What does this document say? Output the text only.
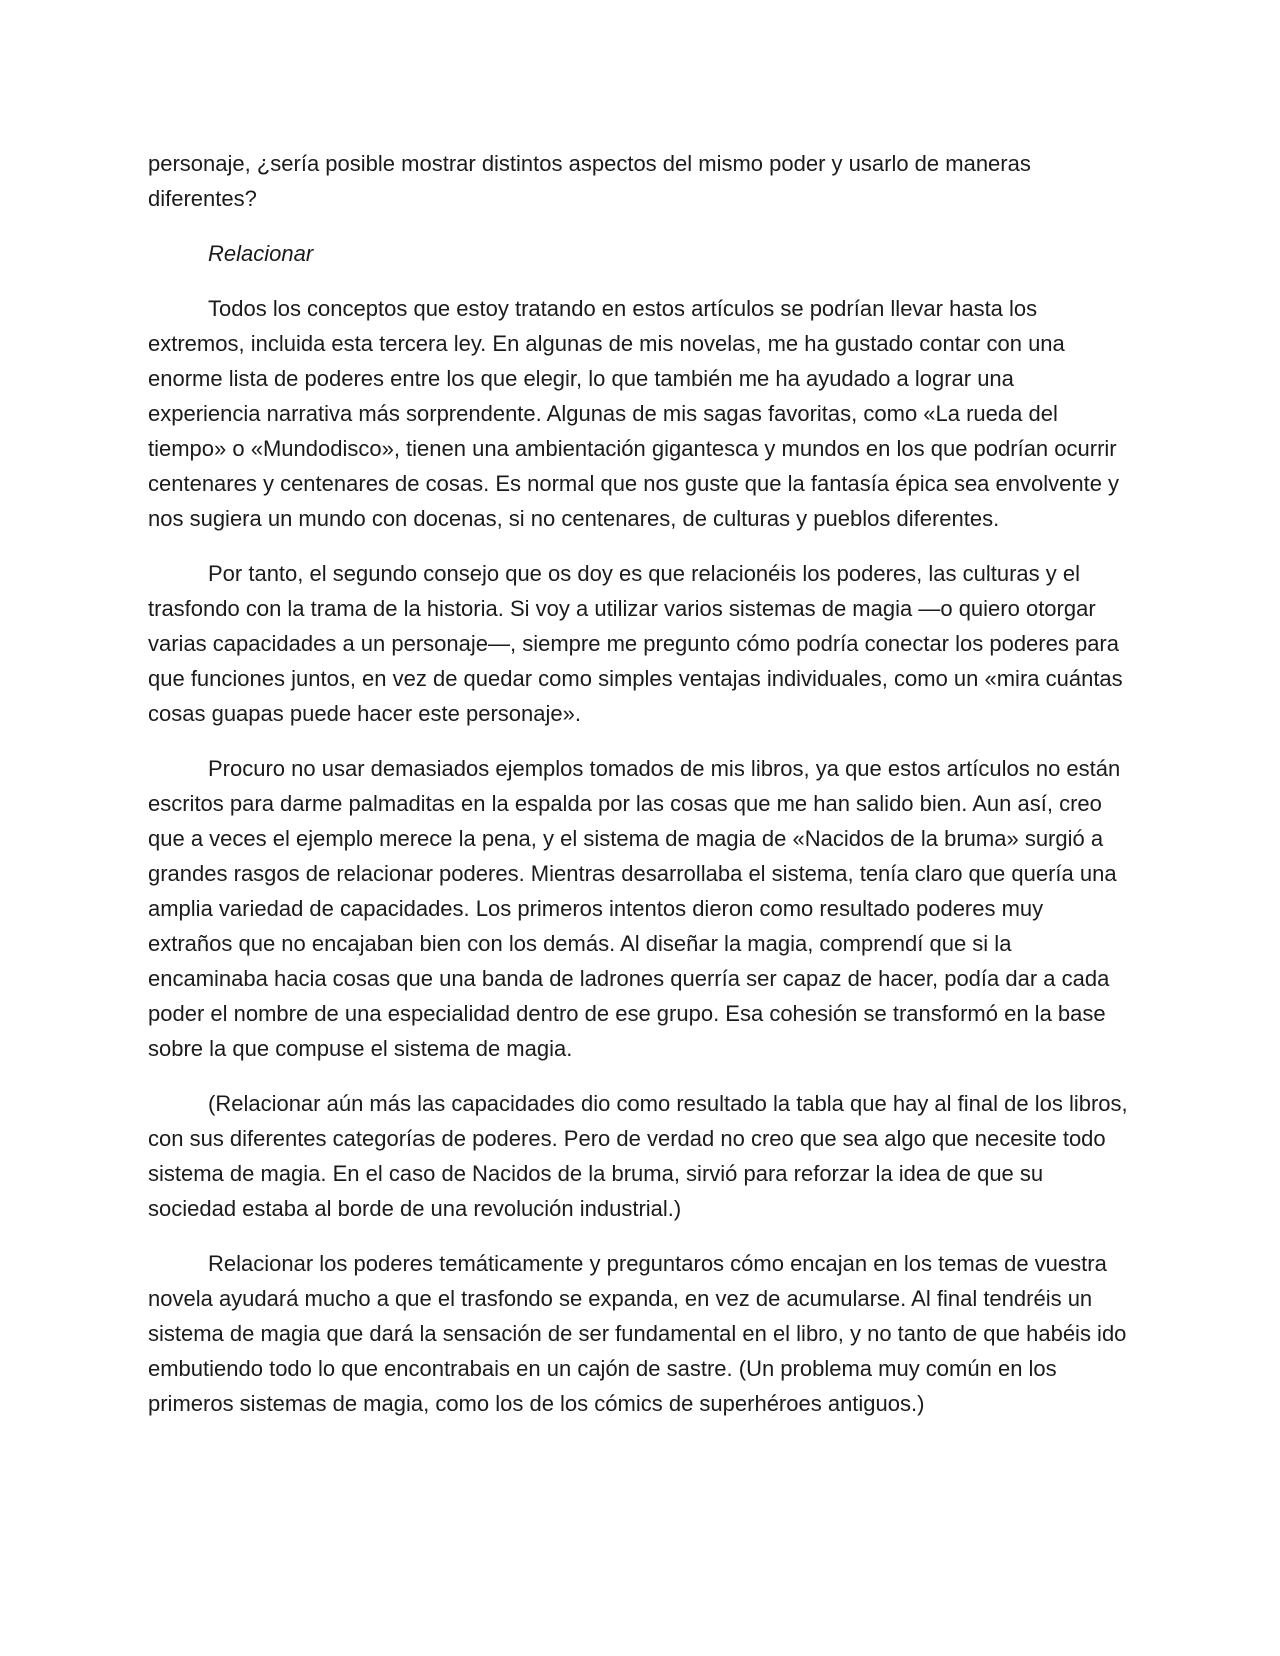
personaje, ¿sería posible mostrar distintos aspectos del mismo poder y usarlo de maneras diferentes?

Relacionar

Todos los conceptos que estoy tratando en estos artículos se podrían llevar hasta los extremos, incluida esta tercera ley. En algunas de mis novelas, me ha gustado contar con una enorme lista de poderes entre los que elegir, lo que también me ha ayudado a lograr una experiencia narrativa más sorprendente. Algunas de mis sagas favoritas, como «La rueda del tiempo» o «Mundodisco», tienen una ambientación gigantesca y mundos en los que podrían ocurrir centenares y centenares de cosas. Es normal que nos guste que la fantasía épica sea envolvente y nos sugiera un mundo con docenas, si no centenares, de culturas y pueblos diferentes.

Por tanto, el segundo consejo que os doy es que relacionéis los poderes, las culturas y el trasfondo con la trama de la historia. Si voy a utilizar varios sistemas de magia —o quiero otorgar varias capacidades a un personaje—, siempre me pregunto cómo podría conectar los poderes para que funciones juntos, en vez de quedar como simples ventajas individuales, como un «mira cuántas cosas guapas puede hacer este personaje».

Procuro no usar demasiados ejemplos tomados de mis libros, ya que estos artículos no están escritos para darme palmaditas en la espalda por las cosas que me han salido bien. Aun así, creo que a veces el ejemplo merece la pena, y el sistema de magia de «Nacidos de la bruma» surgió a grandes rasgos de relacionar poderes. Mientras desarrollaba el sistema, tenía claro que quería una amplia variedad de capacidades. Los primeros intentos dieron como resultado poderes muy extraños que no encajaban bien con los demás. Al diseñar la magia, comprendí que si la encaminaba hacia cosas que una banda de ladrones querría ser capaz de hacer, podía dar a cada poder el nombre de una especialidad dentro de ese grupo. Esa cohesión se transformó en la base sobre la que compuse el sistema de magia.

(Relacionar aún más las capacidades dio como resultado la tabla que hay al final de los libros, con sus diferentes categorías de poderes. Pero de verdad no creo que sea algo que necesite todo sistema de magia. En el caso de Nacidos de la bruma, sirvió para reforzar la idea de que su sociedad estaba al borde de una revolución industrial.)

Relacionar los poderes temáticamente y preguntaros cómo encajan en los temas de vuestra novela ayudará mucho a que el trasfondo se expanda, en vez de acumularse. Al final tendréis un sistema de magia que dará la sensación de ser fundamental en el libro, y no tanto de que habéis ido embutiendo todo lo que encontrabais en un cajón de sastre. (Un problema muy común en los primeros sistemas de magia, como los de los cómics de superhéroes antiguos.)
